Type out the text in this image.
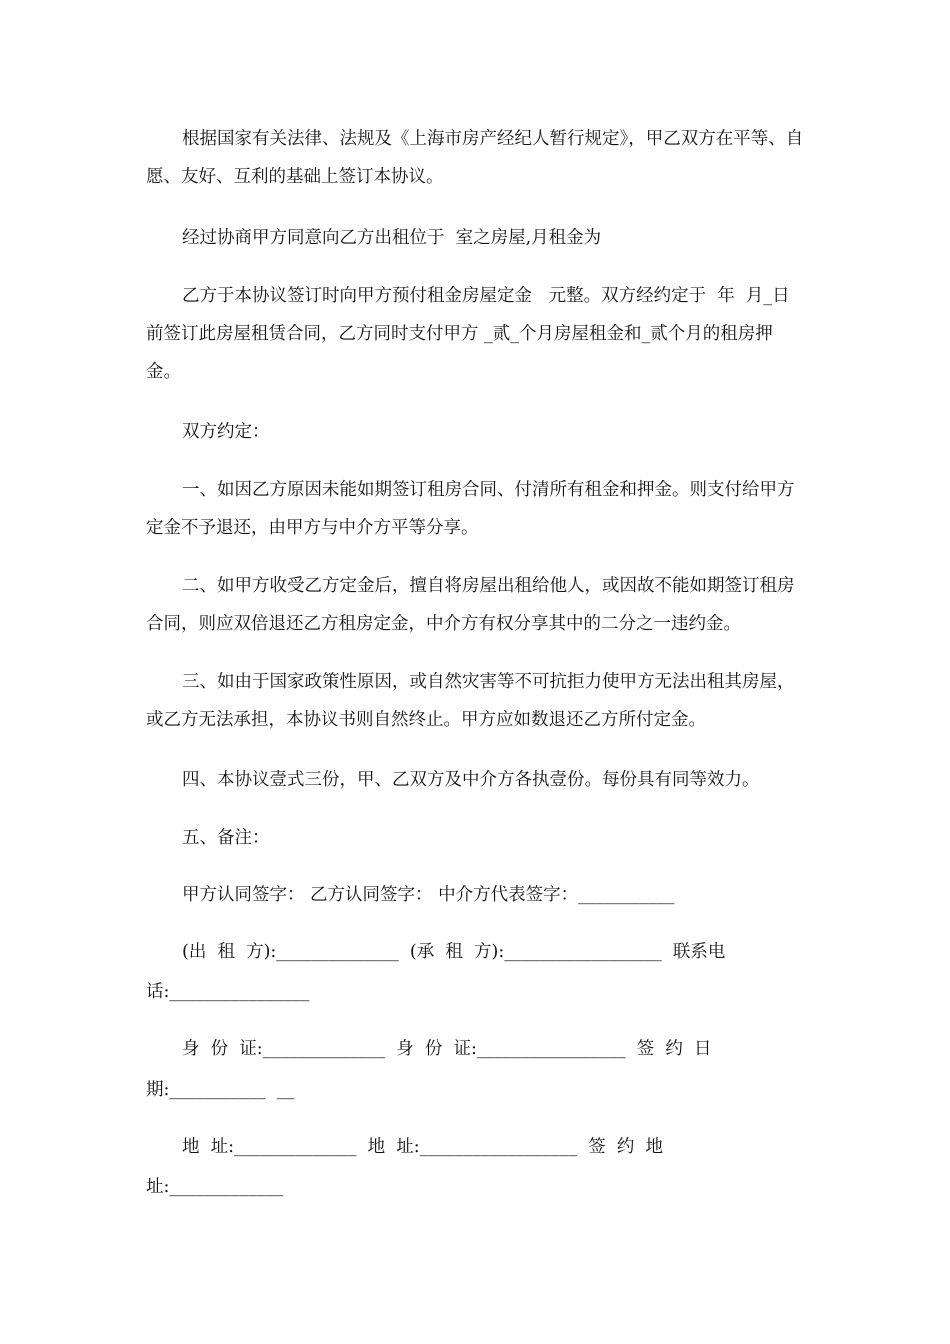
根据国家有关法律、法规及《上海市房产经纪人暂行规定》，甲乙双方在平等、自愿、友好、互利的基础上签订本协议。

经过协商甲方同意向乙方出租位于  室之房屋,月租金为

乙方于本协议签订时向甲方预付租金房屋定金   元整。双方经约定于  年  月_日前签订此房屋租赁合同，乙方同时支付甲方 _贰_个月房屋租金和_贰个月的租房押金。

双方约定：

一、如因乙方原因未能如期签订租房合同、付清所有租金和押金。则支付给甲方定金不予退还，由甲方与中介方平等分享。

二、如甲方收受乙方定金后，擅自将房屋出租给他人，或因故不能如期签订租房合同，则应双倍退还乙方租房定金，中介方有权分享其中的二分之一违约金。

三、如由于国家政策性原因，或自然灾害等不可抗拒力使甲方无法出租其房屋，或乙方无法承担，本协议书则自然终止。甲方应如数退还乙方所付定金。

四、本协议壹式三份，甲、乙双方及中介方各执壹份。每份具有同等效力。

五、备注：

甲方认同签字： 乙方认同签字： 中介方代表签字：___________

(出  租  方):______________  (承  租  方):__________________  联系电

话:________________

身  份  证:______________  身  份  证:_________________  签  约  日

期:___________  __

地  址:______________  地  址:__________________  签  约  地

址:_____________
